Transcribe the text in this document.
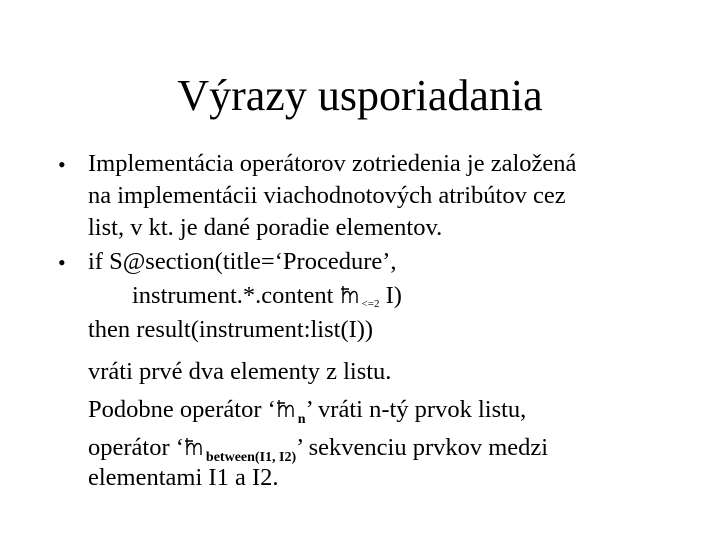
Výrazy usporiadania
• Implementácia operátorov zotriedenia je založená
na implementácii viachodnotových atribútov cez
list, v kt. je dané poradie elementov.
• if S@section(title=‘Procedure’,
instrument.*.content	$_{<=2}$ I)
then result(instrument:list(I))
vráti prvé dva elementy z listu.
Podobne operátor ‘ $_n$’ vráti n-tý prvok listu,
operátor ‘ $_{between(I1, I2)}$’ sekvenciu prvkov medzi
elementami I1 a I2.
